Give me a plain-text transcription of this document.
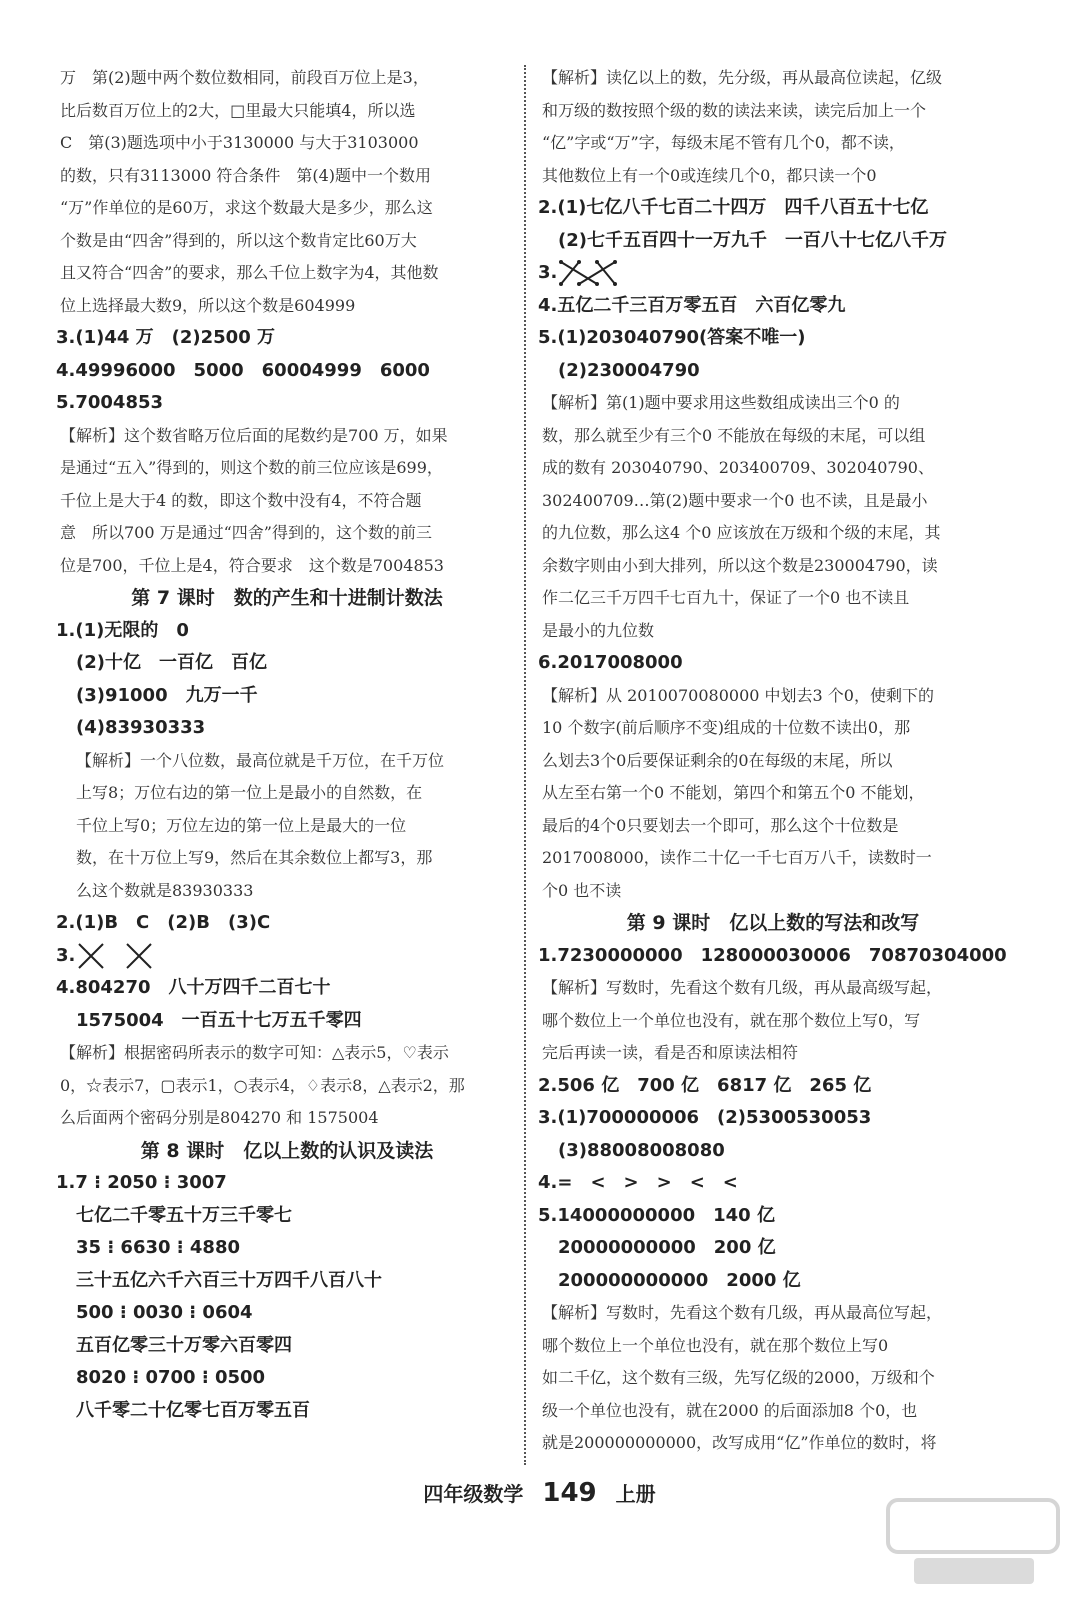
万　第(2)题中两个数位数相同，前段百万位上是3，
比后数百万位上的2大，□里最大只能填4，所以选
C　第(3)题选项中小于3130000 与大于3103000
的数，只有3113000 符合条件　第(4)题中一个数用
“万”作单位的是60万，求这个数最大是多少，那么这
个数是由“四舍”得到的，所以这个数肯定比60万大
且又符合“四舍”的要求，那么千位上数字为4，其他数
位上选择最大数9，所以这个数是604999
3.(1)44 万　(2)2500 万
4.49996000　5000　60004999　6000
5.7004853
【解析】这个数省略万位后面的尾数约是700 万，如果
是通过“五入”得到的，则这个数的前三位应该是699，
千位上是大于4 的数，即这个数中没有4，不符合题
意　所以700 万是通过“四舍”得到的，这个数的前三
位是700，千位上是4，符合要求　这个数是7004853
第 7 课时　数的产生和十进制计数法
1.(1)无限的　0
(2)十亿　一百亿　百亿
(3)91000　九万一千
(4)83930333
【解析】一个八位数，最高位就是千万位，在千万位
上写8；万位右边的第一位上是最小的自然数，在
千位上写0；万位左边的第一位上是最大的一位
数，在十万位上写9，然后在其余数位上都写3，那
么这个数就是83930333
2.(1)B　C　(2)B　(3)C
3.
4.804270　八十万四千二百七十
1575004　一百五十七万五千零四
【解析】根据密码所表示的数字可知：△表示5，♡表示
0，☆表示7，▢表示1，○表示4，♢表示8，△表示2，那
么后面两个密码分别是804270 和 1575004
第 8 课时　亿以上数的认识及读法
1.7 ⁝ 2050 ⁝ 3007
七亿二千零五十万三千零七
35 ⁝ 6630 ⁝ 4880
三十五亿六千六百三十万四千八百八十
500 ⁝ 0030 ⁝ 0604
五百亿零三十万零六百零四
8020 ⁝ 0700 ⁝ 0500
八千零二十亿零七百万零五百
【解析】读亿以上的数，先分级，再从最高位读起，亿级
和万级的数按照个级的数的读法来读，读完后加上一个
“亿”字或“万”字，每级末尾不管有几个0，都不读，
其他数位上有一个0或连续几个0，都只读一个0
2.(1)七亿八千七百二十四万　四千八百五十七亿
(2)七千五百四十一万九千　一百八十七亿八千万
3.
4.五亿二千三百万零五百　六百亿零九
5.(1)203040790(答案不唯一)
(2)230004790
【解析】第(1)题中要求用这些数组成读出三个0 的
数，那么就至少有三个0 不能放在每级的末尾，可以组
成的数有 203040790、203400709、302040790、
302400709…第(2)题中要求一个0 也不读，且是最小
的九位数，那么这4 个0 应该放在万级和个级的末尾，其
余数字则由小到大排列，所以这个数是230004790，读
作二亿三千万四千七百九十，保证了一个0 也不读且
是最小的九位数
6.2017008000
【解析】从 2010070080000 中划去3 个0，使剩下的
10 个数字(前后顺序不变)组成的十位数不读出0，那
么划去3个0后要保证剩余的0在每级的末尾，所以
从左至右第一个0 不能划，第四个和第五个0 不能划，
最后的4个0只要划去一个即可，那么这个十位数是
2017008000，读作二十亿一千七百万八千，读数时一
个0 也不读
第 9 课时　亿以上数的写法和改写
1.7230000000　128000030006　70870304000
【解析】写数时，先看这个数有几级，再从最高级写起，
哪个数位上一个单位也没有，就在那个数位上写0，写
完后再读一读，看是否和原读法相符
2.506 亿　700 亿　6817 亿　265 亿
3.(1)700000006　(2)5300530053
(3)88008008080
4.=　<　>　>　<　<
5.14000000000　140 亿
20000000000　200 亿
200000000000　2000 亿
【解析】写数时，先看这个数有几级，再从最高位写起，
哪个数位上一个单位也没有，就在那个数位上写0
如二千亿，这个数有三级，先写亿级的2000，万级和个
级一个单位也没有，就在2000 的后面添加8 个0，也
就是200000000000，改写成用“亿”作单位的数时，将
四年级数学 149 上册
